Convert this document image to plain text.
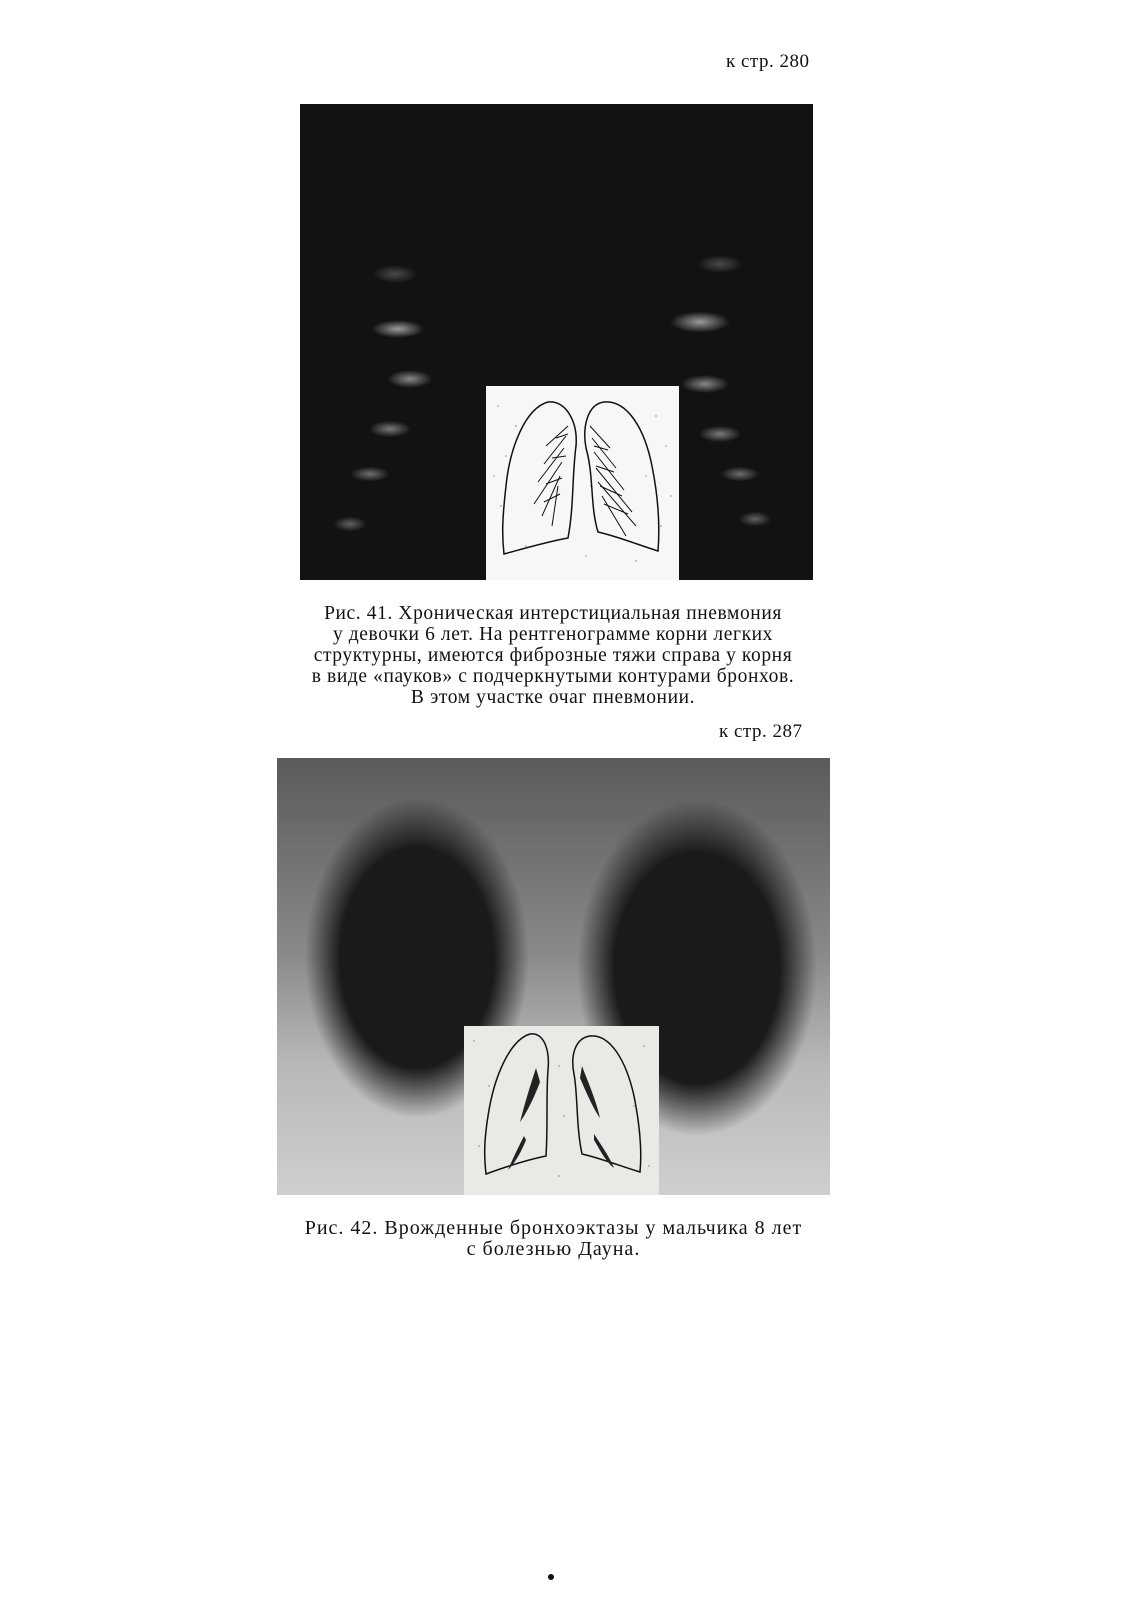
к стр. 280
Рис. 41. Хроническая интерстициальная пневмония
у девочки 6 лет. На рентгенограмме корни легких
структурны, имеются фиброзные тяжи справа у корня
в виде «пауков» с подчеркнутыми контурами бронхов.
В этом участке очаг пневмонии.
к стр. 287
Рис. 42. Врожденные бронхоэктазы у мальчика 8 лет
с болезнью Дауна.
